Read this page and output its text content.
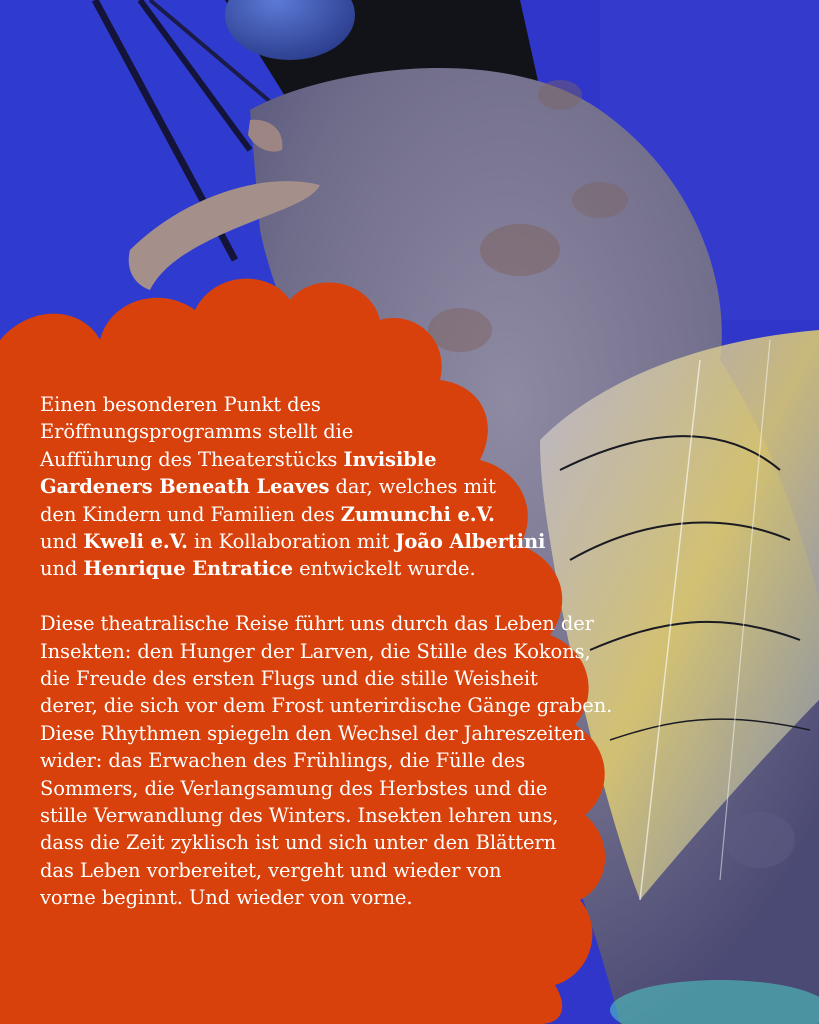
Einen besonderen Punkt des
Eröffnungsprogramms stellt die
Aufführung des Theaterstücks Invisible
Gardeners Beneath Leaves dar, welches mit
den Kindern und Familien des Zumunchi e.V.
und Kweli e.V. in Kollaboration mit João Albertini
und Henrique Entratice entwickelt wurde.

Diese theatralische Reise führt uns durch das Leben der
Insekten: den Hunger der Larven, die Stille des Kokons,
die Freude des ersten Flugs und die stille Weisheit
derer, die sich vor dem Frost unterirdische Gänge graben.
Diese Rhythmen spiegeln den Wechsel der Jahreszeiten
wider: das Erwachen des Frühlings, die Fülle des
Sommers, die Verlangsamung des Herbstes und die
stille Verwandlung des Winters. Insekten lehren uns,
dass die Zeit zyklisch ist und sich unter den Blättern
das Leben vorbereitet, vergeht und wieder von
vorne beginnt. Und wieder von vorne.
